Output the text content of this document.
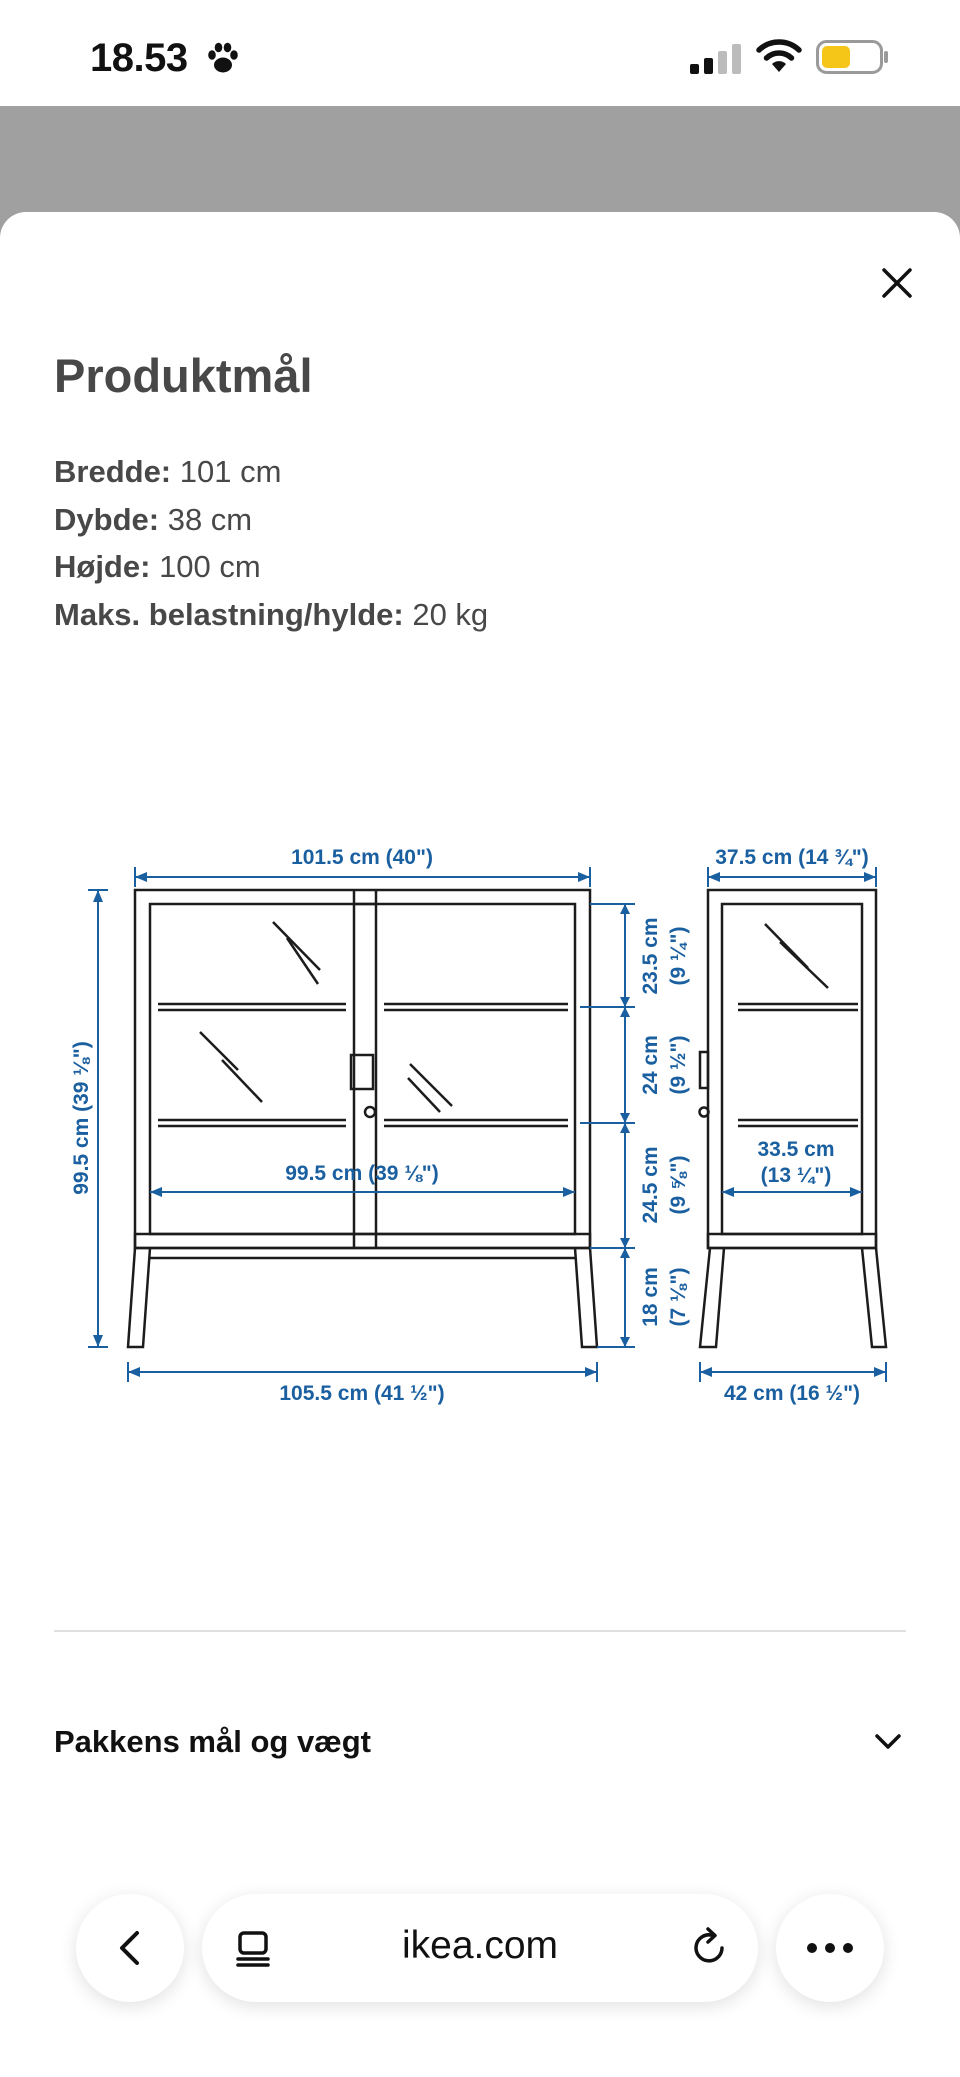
18.53
Produktmål
Bredde: 101 cm
Dybde: 38 cm
Højde: 100 cm
Maks. belastning/hylde: 20 kg
101.5 cm (40")
99.5 cm (39 ⅛")
105.5 cm (41 ½")
99.5 cm (39 ⅛")
23.5 cm (9 ¼")
24 cm (9 ½")
24.5 cm (9 ⅝")
18 cm (7 ⅛")
37.5 cm (14 ¾")
33.5 cm
(13 ¼")
42 cm (16 ½")
Pakkens mål og vægt
ikea.com
